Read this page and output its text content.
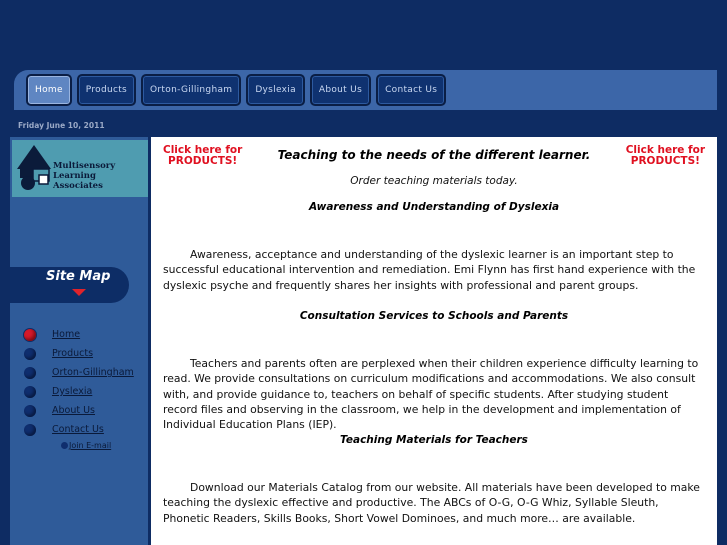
Home	Products	Orton-Gillingham	Dyslexia	About Us	Contact Us
Friday June 10, 2011
Multisensory
Learning Associates
Site Map
Home
Products
Orton-Gillingham
Dyslexia
About Us
Contact Us
Join E-mail
Click here for
PRODUCTS!
Click here for
PRODUCTS!
Teaching to the needs of the different learner.
Order teaching materials today.
Awareness and Understanding of Dyslexia
Awareness, acceptance and understanding of the dyslexic learner is an important step to successful educational intervention and remediation. Emi Flynn has first hand experience with the dyslexic psyche and frequently shares her insights with professional and parent groups.
Consultation Services to Schools and Parents
Teachers and parents often are perplexed when their children experience difficulty learning to read. We provide consultations on curriculum modifications and accommodations. We also consult with, and provide guidance to, teachers on behalf of specific students. After studying student record files and observing in the classroom, we help in the development and implementation of Individual Education Plans (IEP).
Teaching Materials for Teachers
Download our Materials Catalog from our website. All materials have been developed to make teaching the dyslexic effective and productive. The ABCs of O-G, O-G Whiz, Syllable Sleuth, Phonetic Readers, Skills Books, Short Vowel Dominoes, and much more… are available.
